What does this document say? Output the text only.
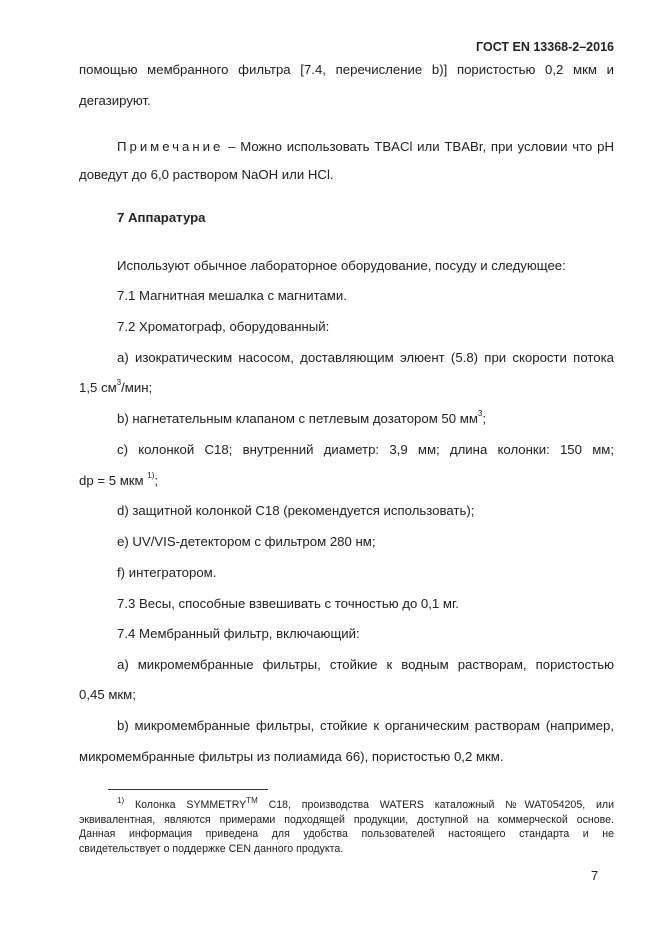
ГОСТ EN 13368-2–2016
помощью мембранного фильтра [7.4, перечисление b)] пористостью 0,2 мкм и
дегазируют.
Примечание – Можно использовать TBACl или TBABr, при условии что pH
доведут до 6,0 раствором NaOH или HCl.
7 Аппаратура
Используют обычное лабораторное оборудование, посуду и следующее:
7.1 Магнитная мешалка с магнитами.
7.2 Хроматограф, оборудованный:
a) изократическим насосом, доставляющим элюент (5.8) при скорости потока
1,5 $см^3$/мин;
b) нагнетательным клапаном с петлевым дозатором 50 $мм^3$;
c) колонкой C18; внутренний диаметр: 3,9 мм; длина колонки: 150 мм;
dp = 5 мкм $^{1)}$;
d) защитной колонкой C18 (рекомендуется использовать);
e) UV/VIS-детектором с фильтром 280 нм;
f) интегратором.
7.3 Весы, способные взвешивать с точностью до 0,1 мг.
7.4 Мембранный фильтр, включающий:
a) микромембранные фильтры, стойкие к водным растворам, пористостью
0,45 мкм;
b) микромембранные фильтры, стойкие к органическим растворам (например,
микромембранные фильтры из полиамида 66), пористостью 0,2 мкм.
$^{1)}$ Колонка SYMMETRY™ C18, производства WATERS каталожный №WAT054205, или
эквивалентная, являются примерами подходящей продукции, доступной на коммерческой основе.
Данная информация приведена для удобства пользователей настоящего стандарта и не
свидетельствует о поддержке CEN данного продукта.
7
